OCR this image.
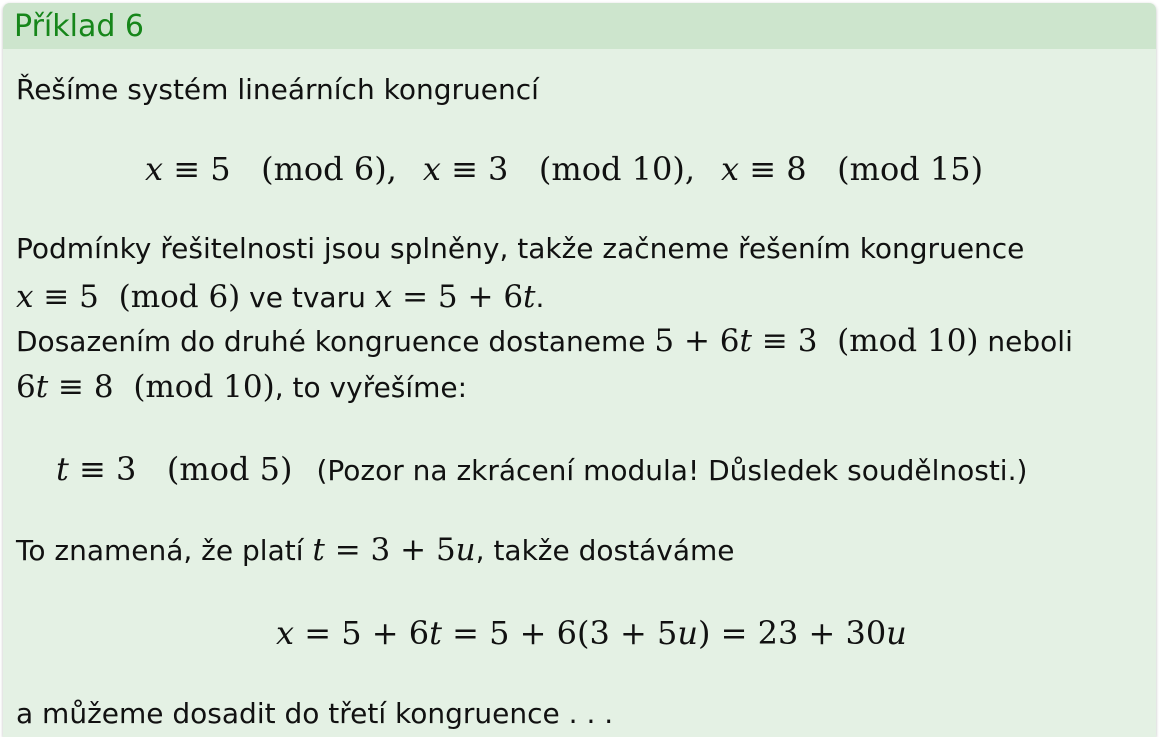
Příklad 6
Řešíme systém lineárních kongruencí
x ≡ 5   (mod 6), x ≡ 3   (mod 10), x ≡ 8   (mod 15)
Podmínky řešitelnosti jsou splněny, takže začneme řešením kongruence
x ≡ 5  (mod 6) ve tvaru x = 5 + 6t.
Dosazením do druhé kongruence dostaneme 5 + 6t ≡ 3  (mod 10) neboli
6t ≡ 8  (mod 10), to vyřešíme:
t ≡ 3   (mod 5) (Pozor na zkrácení modula! Důsledek soudělnosti.)
To znamená, že platí t = 3 + 5u, takže dostáváme
x = 5 + 6t = 5 + 6(3 + 5u) = 23 + 30u
a můžeme dosadit do třetí kongruence . . .
